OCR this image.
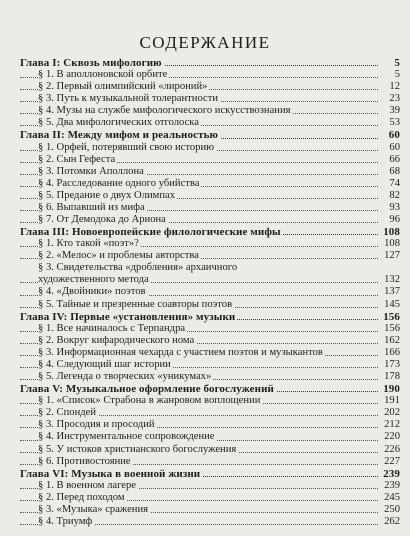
СОДЕРЖАНИЕ
Глава I: Сквозь мифологию	5
§ 1. В аполлоновской орбите	5
§ 2. Первый олимпийский «лироний»	12
§ 3. Путь к музыкальной толерантности	23
§ 4. Музы на службе мифологического искусствознания	39
§ 5. Два мифологических отголоска	53
Глава II: Между мифом и реальностью	60
§ 1. Орфей, потерявший свою историю	60
§ 2. Сын Гефеста	66
§ 3. Потомки Аполлона	68
§ 4. Расследование одного убийства	74
§ 5. Предание о двух Олимпах	82
§ 6. Выпавший из мифа	93
§ 7. От Демодока до Ариона	96
Глава III: Новоевропейские филологические мифы	108
§ 1. Кто такой «поэт»?	108
§ 2. «Мелос» и проблемы авторства	127
§ 3. Свидетельства «дробления» архаичного
художественного метода	132
§ 4. «Двойники» поэтов	137
§ 5. Тайные и презренные соавторы поэтов	145
Глава IV: Первые «установления» музыки	156
§ 1. Все начиналось с Терпандра	156
§ 2. Вокруг кифародического нома	162
§ 3. Информационная чехарда с участием поэтов и музыкантов	166
§ 4. Следующий шаг истории	173
§ 5. Легенда о творческих «уникумах»	178
Глава V: Музыкальное оформление богослужений	190
§ 1. «Список» Страбона в жанровом воплощении	191
§ 2. Спондей	202
§ 3. Просодия и просодий	212
§ 4. Инструментальное сопровождение	220
§ 5. У истоков христианского богослужения	226
§ 6. Противостояние	227
Глава VI: Музыка в военной жизни	239
§ 1. В военном лагере	239
§ 2. Перед походом	245
§ 3. «Музыка» сражения	250
§ 4. Триумф	262
